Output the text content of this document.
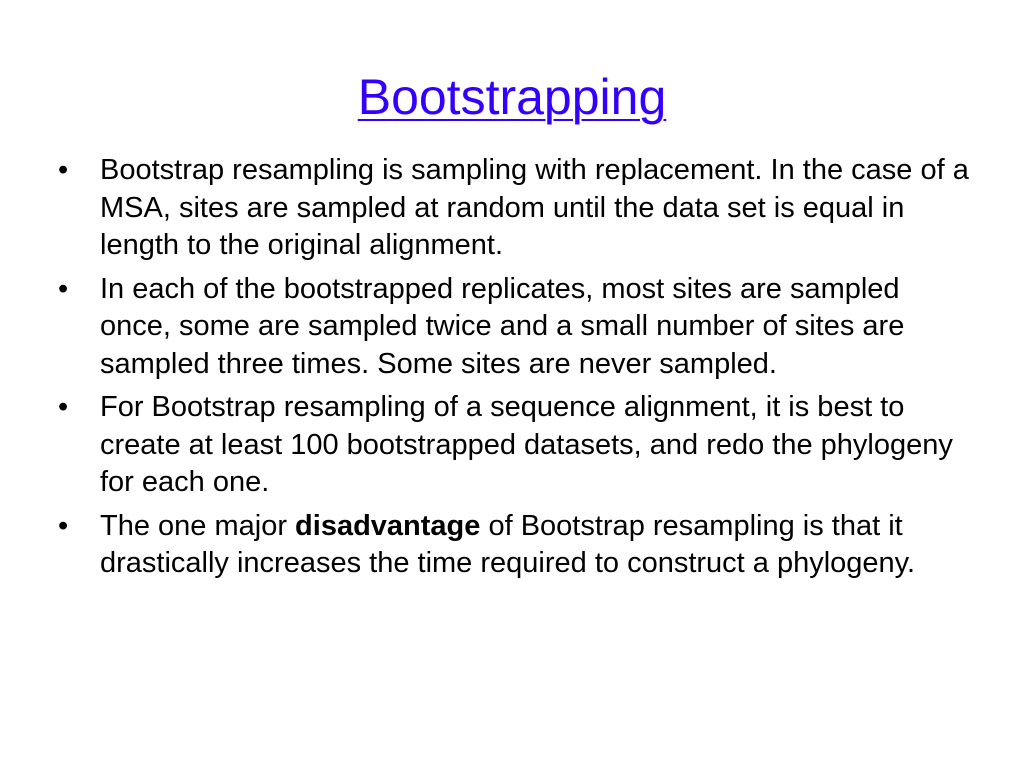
Bootstrapping
•	Bootstrap resampling is sampling with replacement. In the case of a MSA, sites are sampled at random until the data set is equal in length to the original alignment.
•	In each of the bootstrapped replicates, most sites are sampled once, some are sampled twice and a small number of sites are sampled three times. Some sites are never sampled.
•	For Bootstrap resampling of a sequence alignment, it is best to create at least 100 bootstrapped datasets, and redo the phylogeny for each one.
•	The one major disadvantage of Bootstrap resampling is that it drastically increases the time required to construct a phylogeny.
